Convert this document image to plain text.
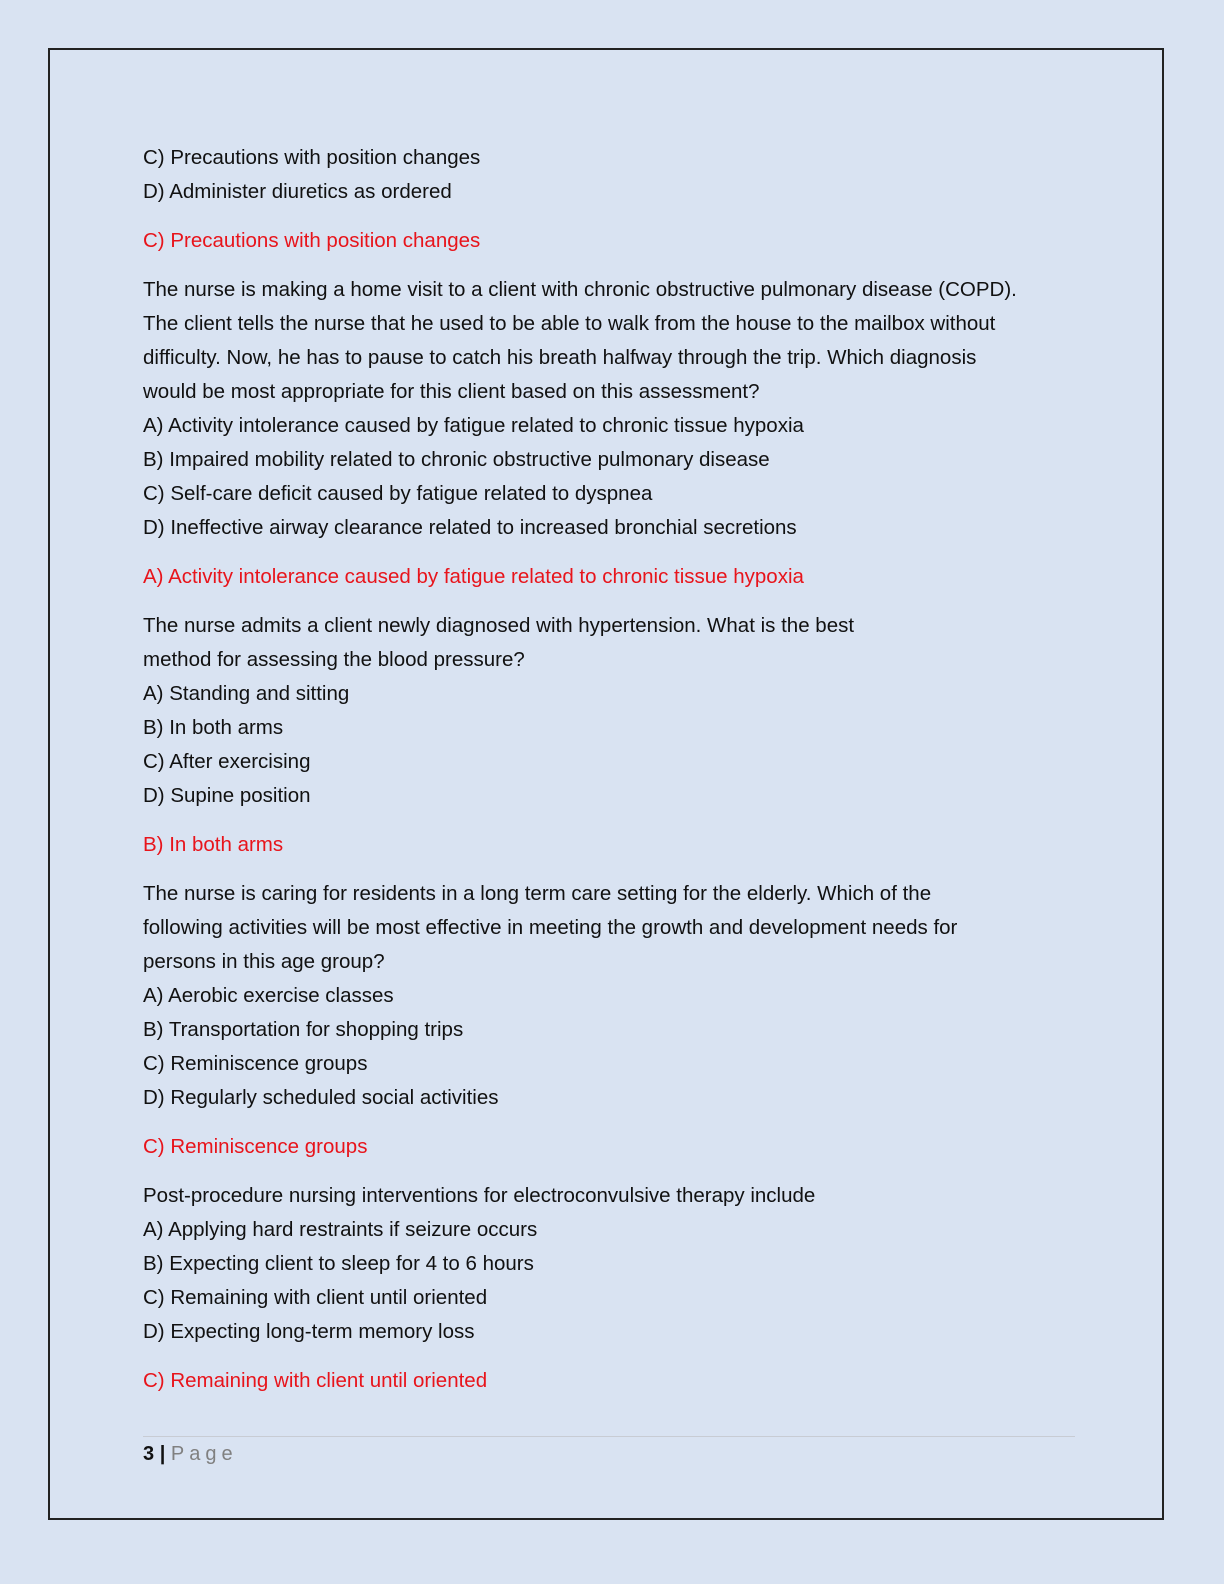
C) Precautions with position changes
D) Administer diuretics as ordered
C) Precautions with position changes
The nurse is making a home visit to a client with chronic obstructive pulmonary disease (COPD).
The client tells the nurse that he used to be able to walk from the house to the mailbox without
difficulty. Now, he has to pause to catch his breath halfway through the trip. Which diagnosis
would be most appropriate for this client based on this assessment?
A) Activity intolerance caused by fatigue related to chronic tissue hypoxia
B) Impaired mobility related to chronic obstructive pulmonary disease
C) Self-care deficit caused by fatigue related to dyspnea
D) Ineffective airway clearance related to increased bronchial secretions
A) Activity intolerance caused by fatigue related to chronic tissue hypoxia
The nurse admits a client newly diagnosed with hypertension. What is the best
method for assessing the blood pressure?
A) Standing and sitting
B) In both arms
C) After exercising
D) Supine position
B) In both arms
The nurse is caring for residents in a long term care setting for the elderly. Which of the
following activities will be most effective in meeting the growth and development needs for
persons in this age group?
A) Aerobic exercise classes
B) Transportation for shopping trips
C) Reminiscence groups
D) Regularly scheduled social activities
C) Reminiscence groups
Post-procedure nursing interventions for electroconvulsive therapy include
A) Applying hard restraints if seizure occurs
B) Expecting client to sleep for 4 to 6 hours
C) Remaining with client until oriented
D) Expecting long-term memory loss
C) Remaining with client until oriented
3 | Page
